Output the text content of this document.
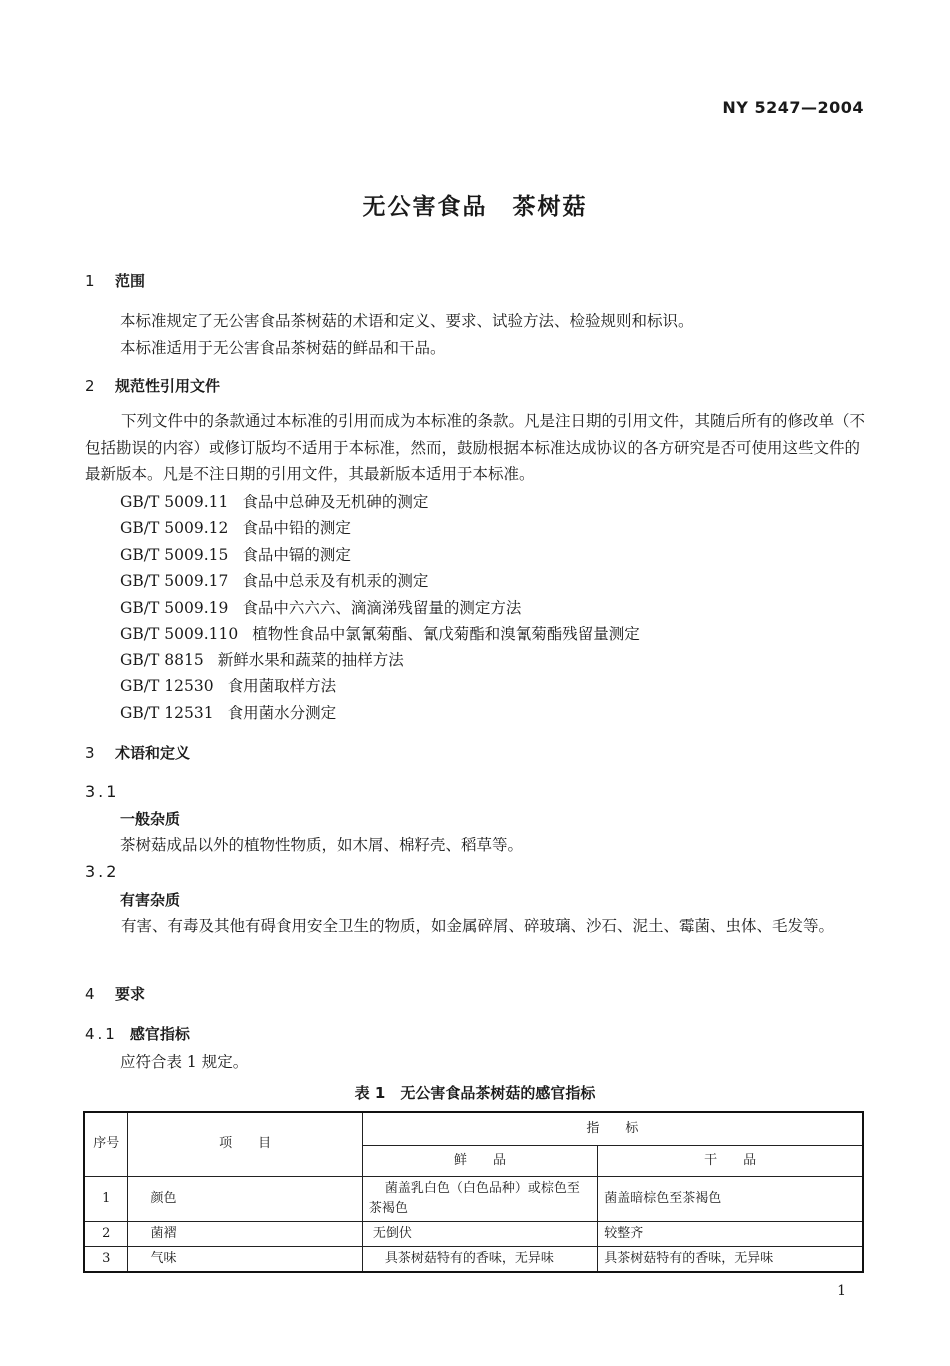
NY 5247—2004
无公害食品　茶树菇
1 范围
本标准规定了无公害食品茶树菇的术语和定义、要求、试验方法、检验规则和标识。
本标准适用于无公害食品茶树菇的鲜品和干品。
2 规范性引用文件
下列文件中的条款通过本标准的引用而成为本标准的条款。凡是注日期的引用文件，其随后所有的修改单（不包括勘误的内容）或修订版均不适用于本标准，然而，鼓励根据本标准达成协议的各方研究是否可使用这些文件的最新版本。凡是不注日期的引用文件，其最新版本适用于本标准。
GB/T 5009.11 食品中总砷及无机砷的测定
GB/T 5009.12 食品中铅的测定
GB/T 5009.15 食品中镉的测定
GB/T 5009.17 食品中总汞及有机汞的测定
GB/T 5009.19 食品中六六六、滴滴涕残留量的测定方法
GB/T 5009.110 植物性食品中氯氰菊酯、氰戊菊酯和溴氰菊酯残留量测定
GB/T 8815 新鲜水果和蔬菜的抽样方法
GB/T 12530 食用菌取样方法
GB/T 12531 食用菌水分测定
3 术语和定义
3.1
一般杂质
茶树菇成品以外的植物性物质，如木屑、棉籽壳、稻草等。
3.2
有害杂质
有害、有毒及其他有碍食用安全卫生的物质，如金属碎屑、碎玻璃、沙石、泥土、霉菌、虫体、毛发等。
4 要求
4.1 感官指标
应符合表 1 规定。
表 1　无公害食品茶树菇的感官指标
序号	项　　目	指　　标	
		鲜　　品	干　　品
1	颜色	菌盖乳白色（白色品种）或棕色至茶褐色	菌盖暗棕色至茶褐色
2	菌褶	无倒伏	较整齐
3	气味	具茶树菇特有的香味，无异味	具茶树菇特有的香味，无异味
1
